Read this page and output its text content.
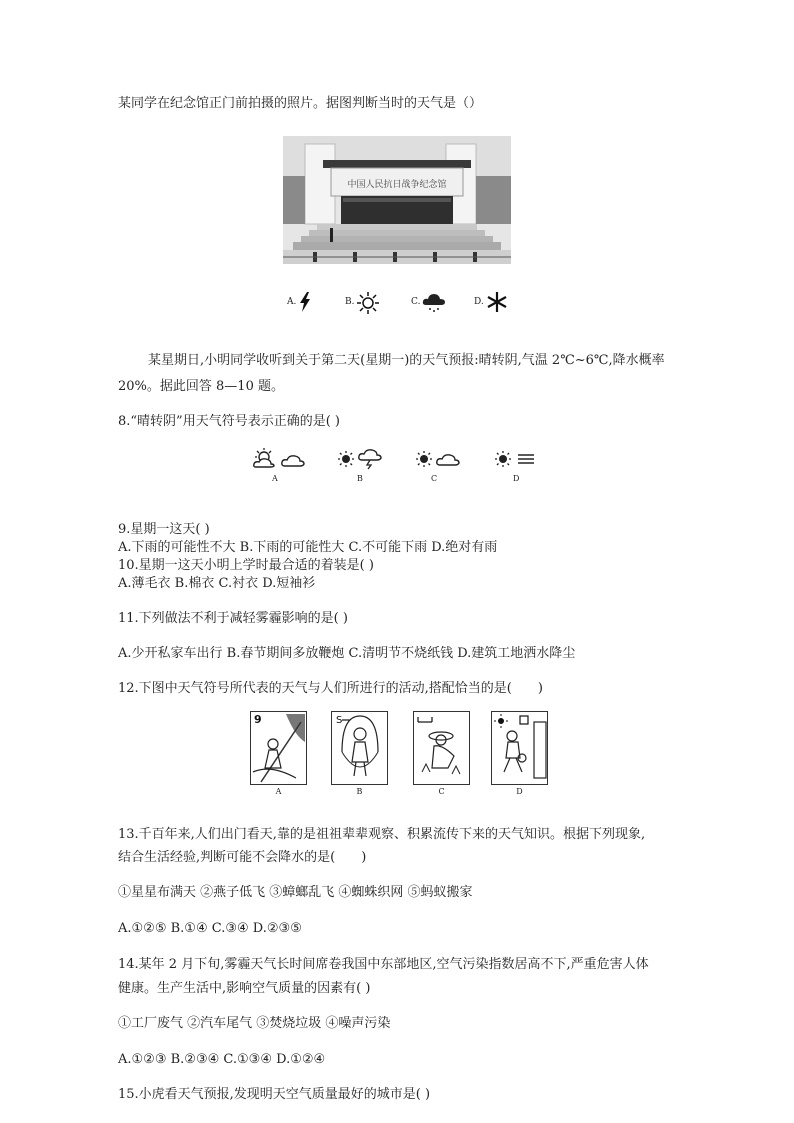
某同学在纪念馆正门前拍摄的照片。据图判断当时的天气是（）
中国人民抗日战争纪念馆
A.	B.	C.	D.
某星期日,小明同学收听到关于第二天(星期一)的天气预报:晴转阴,气温 2℃~6℃,降水概率
20%。据此回答 8—10 题。
8.“晴转阴”用天气符号表示正确的是( )
A	B	C	D
9.星期一这天( )
A.下雨的可能性不大 B.下雨的可能性大 C.不可能下雨 D.绝对有雨
10.星期一这天小明上学时最合适的着装是( )
A.薄毛衣 B.棉衣 C.衬衣 D.短袖衫
11.下列做法不利于减轻雾霾影响的是( )
A.少开私家车出行 B.春节期间多放鞭炮 C.清明节不烧纸钱 D.建筑工地洒水降尘
12.下图中天气符号所代表的天气与人们所进行的活动,搭配恰当的是(　　)
9	S
A	B	C	D
13.千百年来,人们出门看天,靠的是祖祖辈辈观察、积累流传下来的天气知识。根据下列现象,
结合生活经验,判断可能不会降水的是(　　)
①星星布满天 ②燕子低飞 ③蟑螂乱飞 ④蜘蛛织网 ⑤蚂蚁搬家
A.①②⑤ B.①④ C.③④ D.②③⑤
14.某年 2 月下旬,雾霾天气长时间席卷我国中东部地区,空气污染指数居高不下,严重危害人体
健康。生产生活中,影响空气质量的因素有( )
①工厂废气 ②汽车尾气 ③焚烧垃圾 ④噪声污染
A.①②③ B.②③④ C.①③④ D.①②④
15.小虎看天气预报,发现明天空气质量最好的城市是( )
